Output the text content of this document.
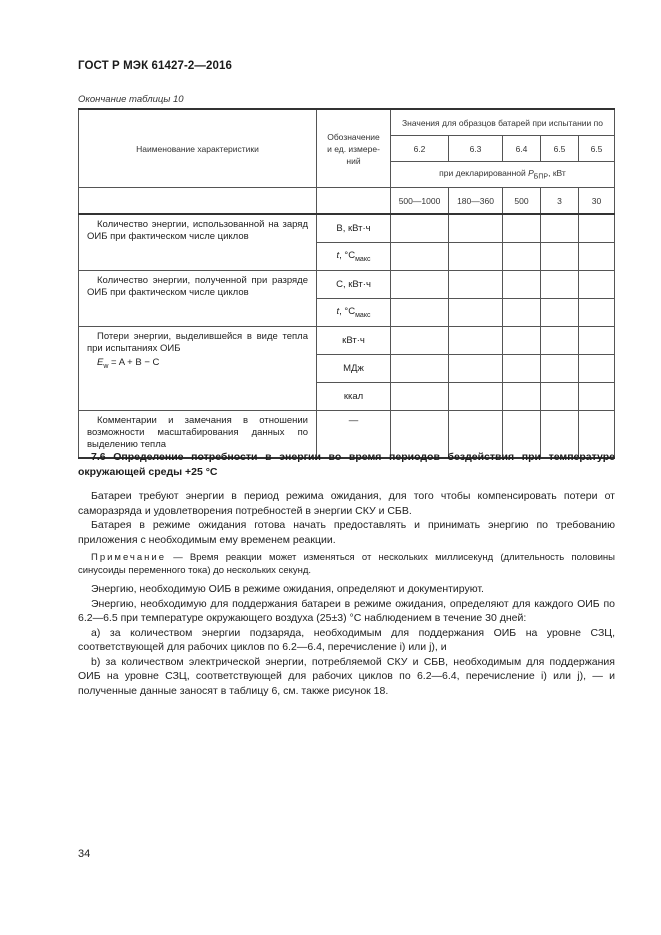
ГОСТ Р МЭК 61427-2—2016
Окончание таблицы 10
Наименование характеристики	Обозначение
и ед. измере-
ний	Значения для образцов батарей при испытании по				
		6.2	6.3	6.4	6.5	6.5
		при декларированной $P_{БПР}$, кВт				
		500—1000	180—360	500	3	30

Количество энергии, использованной на заряд ОИБ при фактическом числе циклов	В, кВт·ч					
	t, $^\circ C_{макс}$					

Количество энергии, полученной при разряде ОИБ при фактическом числе циклов	С, кВт·ч					
	t, $^\circ C_{макс}$					

Потери энергии, выделившейся в виде тепла при испытаниях ОИБ
$E_w = A + B - C$	кВт·ч					
	МДж					
	ккал					

Комментарии и замечания в отношении возможности масштабирования данных по выделению тепла	—					

7.6 Определение потребности в энергии во время периодов бездействия при температуре окружающей среды +25 °С

Батареи требуют энергии в период режима ожидания, для того чтобы компенсировать потери от саморазряда и удовлетворения потребностей в энергии СКУ и СБВ.

Батарея в режиме ожидания готова начать предоставлять и принимать энергию по требованию приложения с необходимым ему временем реакции.

Примечание — Время реакции может изменяться от нескольких миллисекунд (длительность половины синусоиды переменного тока) до нескольких секунд.

Энергию, необходимую ОИБ в режиме ожидания, определяют и документируют.

Энергию, необходимую для поддержания батареи в режиме ожидания, определяют для каждого ОИБ по 6.2—6.5 при температуре окружающего воздуха (25±3) °С наблюдением в течение 30 дней:

a) за количеством энергии подзаряда, необходимым для поддержания ОИБ на уровне СЗЦ, соответствующей для рабочих циклов по 6.2—6.4, перечисление i) или j), и

b) за количеством электрической энергии, потребляемой СКУ и СБВ, необходимым для поддержания ОИБ на уровне СЗЦ, соответствующей для рабочих циклов по 6.2—6.4, перечисление i) или j), — и полученные данные заносят в таблицу 6, см. также рисунок 18.

34
